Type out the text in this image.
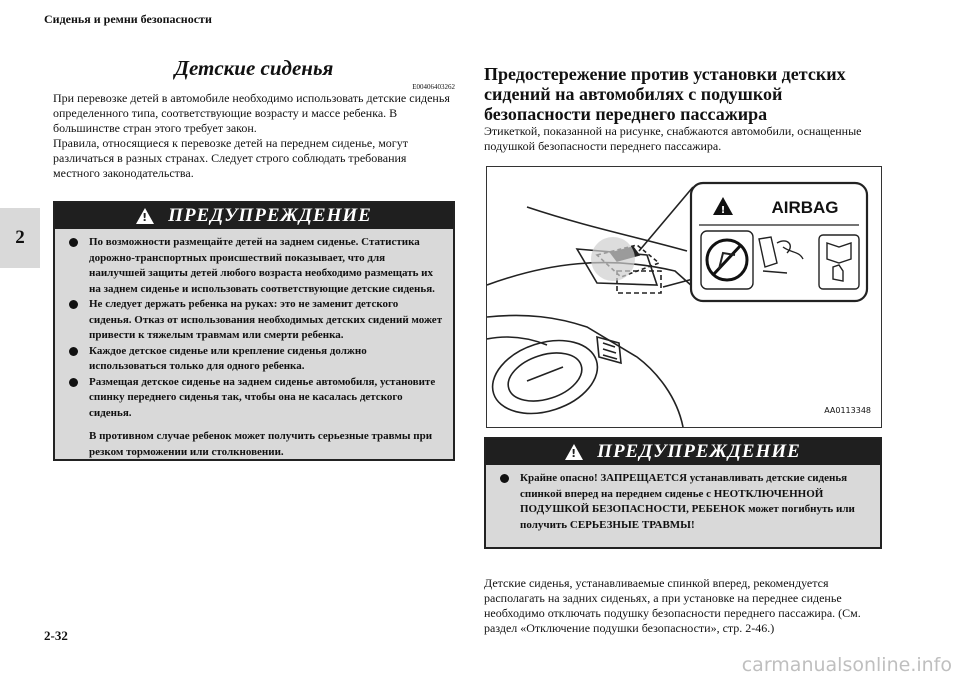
Сиденья и ремни безопасности
2
Детские сиденья
E00406403262
При перевозке детей в автомобиле необходимо использовать детские сиденья определенного типа, соответствующие возрасту и массе ребенка. В большинстве стран этого требует закон.
Правила, относящиеся к перевозке детей на переднем сиденье, могут различаться в разных странах. Следует строго соблюдать требования местного законодательства.
! ПРЕДУПРЕЖДЕНИЕ
По возможности размещайте детей на заднем сиденье. Статистика дорожно-транспортных происшествий показывает, что для наилучшей защиты детей любого возраста необходимо размещать их на заднем сиденье и использовать соответствующие детские сиденья.
Не следует держать ребенка на руках: это не заменит детского сиденья. Отказ от использования необходимых детских сидений может привести к тяжелым травмам или смерти ребенка.
Каждое детское сиденье или крепление сиденья должно использоваться только для одного ребенка.
Размещая детское сиденье на заднем сиденье автомобиля, установите спинку переднего сиденья так, чтобы она не касалась детского сиденья.
В противном случае ребенок может получить серьезные травмы при резком торможении или столкновении.
Предостережение против установки детских сидений на автомобилях с подушкой безопасности переднего пассажира
Этикеткой, показанной на рисунке, снабжаются автомобили, оснащенные подушкой безопасности переднего пассажира.
!	AIRBAG
AA0113348
! ПРЕДУПРЕЖДЕНИЕ
Крайне опасно! ЗАПРЕЩАЕТСЯ устанавливать детские сиденья спинкой вперед на переднем сиденье с НЕОТКЛЮЧЕННОЙ ПОДУШКОЙ БЕЗОПАСНОСТИ, РЕБЕНОК может погибнуть или получить СЕРЬЕЗНЫЕ ТРАВМЫ!
Детские сиденья, устанавливаемые спинкой вперед, рекомендуется располагать на задних сиденьях, а при установке на переднее сиденье необходимо отключать подушку безопасности переднего пассажира. (См. раздел «Отключение подушки безопасности», стр. 2-46.)
2-32
carmanualsonline.info
